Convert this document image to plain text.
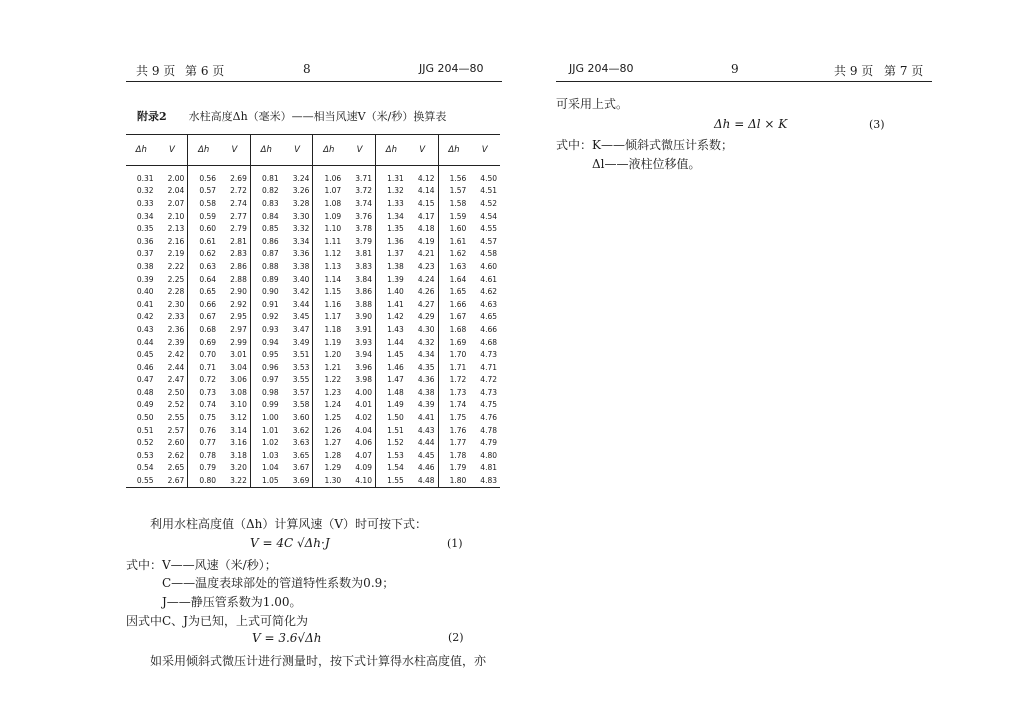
共 9 页 第 6 页	8	JJG 204—80
附录2 水柱高度Δh（毫米）——相当风速V（米/秒）换算表
Δh	V	Δh	V	Δh	V	Δh	V	Δh	V	Δh	V

0.31	2.00	0.56	2.69	0.81	3.24	1.06	3.71	1.31	4.12	1.56	4.50
0.32	2.04	0.57	2.72	0.82	3.26	1.07	3.72	1.32	4.14	1.57	4.51
0.33	2.07	0.58	2.74	0.83	3.28	1.08	3.74	1.33	4.15	1.58	4.52
0.34	2.10	0.59	2.77	0.84	3.30	1.09	3.76	1.34	4.17	1.59	4.54
0.35	2.13	0.60	2.79	0.85	3.32	1.10	3.78	1.35	4.18	1.60	4.55
0.36	2.16	0.61	2.81	0.86	3.34	1.11	3.79	1.36	4.19	1.61	4.57
0.37	2.19	0.62	2.83	0.87	3.36	1.12	3.81	1.37	4.21	1.62	4.58
0.38	2.22	0.63	2.86	0.88	3.38	1.13	3.83	1.38	4.23	1.63	4.60
0.39	2.25	0.64	2.88	0.89	3.40	1.14	3.84	1.39	4.24	1.64	4.61
0.40	2.28	0.65	2.90	0.90	3.42	1.15	3.86	1.40	4.26	1.65	4.62
0.41	2.30	0.66	2.92	0.91	3.44	1.16	3.88	1.41	4.27	1.66	4.63
0.42	2.33	0.67	2.95	0.92	3.45	1.17	3.90	1.42	4.29	1.67	4.65
0.43	2.36	0.68	2.97	0.93	3.47	1.18	3.91	1.43	4.30	1.68	4.66
0.44	2.39	0.69	2.99	0.94	3.49	1.19	3.93	1.44	4.32	1.69	4.68
0.45	2.42	0.70	3.01	0.95	3.51	1.20	3.94	1.45	4.34	1.70	4.73
0.46	2.44	0.71	3.04	0.96	3.53	1.21	3.96	1.46	4.35	1.71	4.71
0.47	2.47	0.72	3.06	0.97	3.55	1.22	3.98	1.47	4.36	1.72	4.72
0.48	2.50	0.73	3.08	0.98	3.57	1.23	4.00	1.48	4.38	1.73	4.73
0.49	2.52	0.74	3.10	0.99	3.58	1.24	4.01	1.49	4.39	1.74	4.75
0.50	2.55	0.75	3.12	1.00	3.60	1.25	4.02	1.50	4.41	1.75	4.76
0.51	2.57	0.76	3.14	1.01	3.62	1.26	4.04	1.51	4.43	1.76	4.78
0.52	2.60	0.77	3.16	1.02	3.63	1.27	4.06	1.52	4.44	1.77	4.79
0.53	2.62	0.78	3.18	1.03	3.65	1.28	4.07	1.53	4.45	1.78	4.80
0.54	2.65	0.79	3.20	1.04	3.67	1.29	4.09	1.54	4.46	1.79	4.81
0.55	2.67	0.80	3.22	1.05	3.69	1.30	4.10	1.55	4.48	1.80	4.83
利用水柱高度值（Δh）计算风速（V）时可按下式：
V = 4C √Δh·J	(1)
式中： V——风速（米/秒）；
C——温度表球部处的管道特性系数为0.9；
J——静压管系数为1.00。
因式中C、J为已知，上式可简化为
V = 3.6√Δh	(2)
如采用倾斜式微压计进行测量时，按下式计算得水柱高度值，亦
JJG 204—80	9	共 9 页 第 7 页
可采用上式。
Δh = Δl × K	(3)
式中： K——倾斜式微压计系数；
Δl——液柱位移值。
